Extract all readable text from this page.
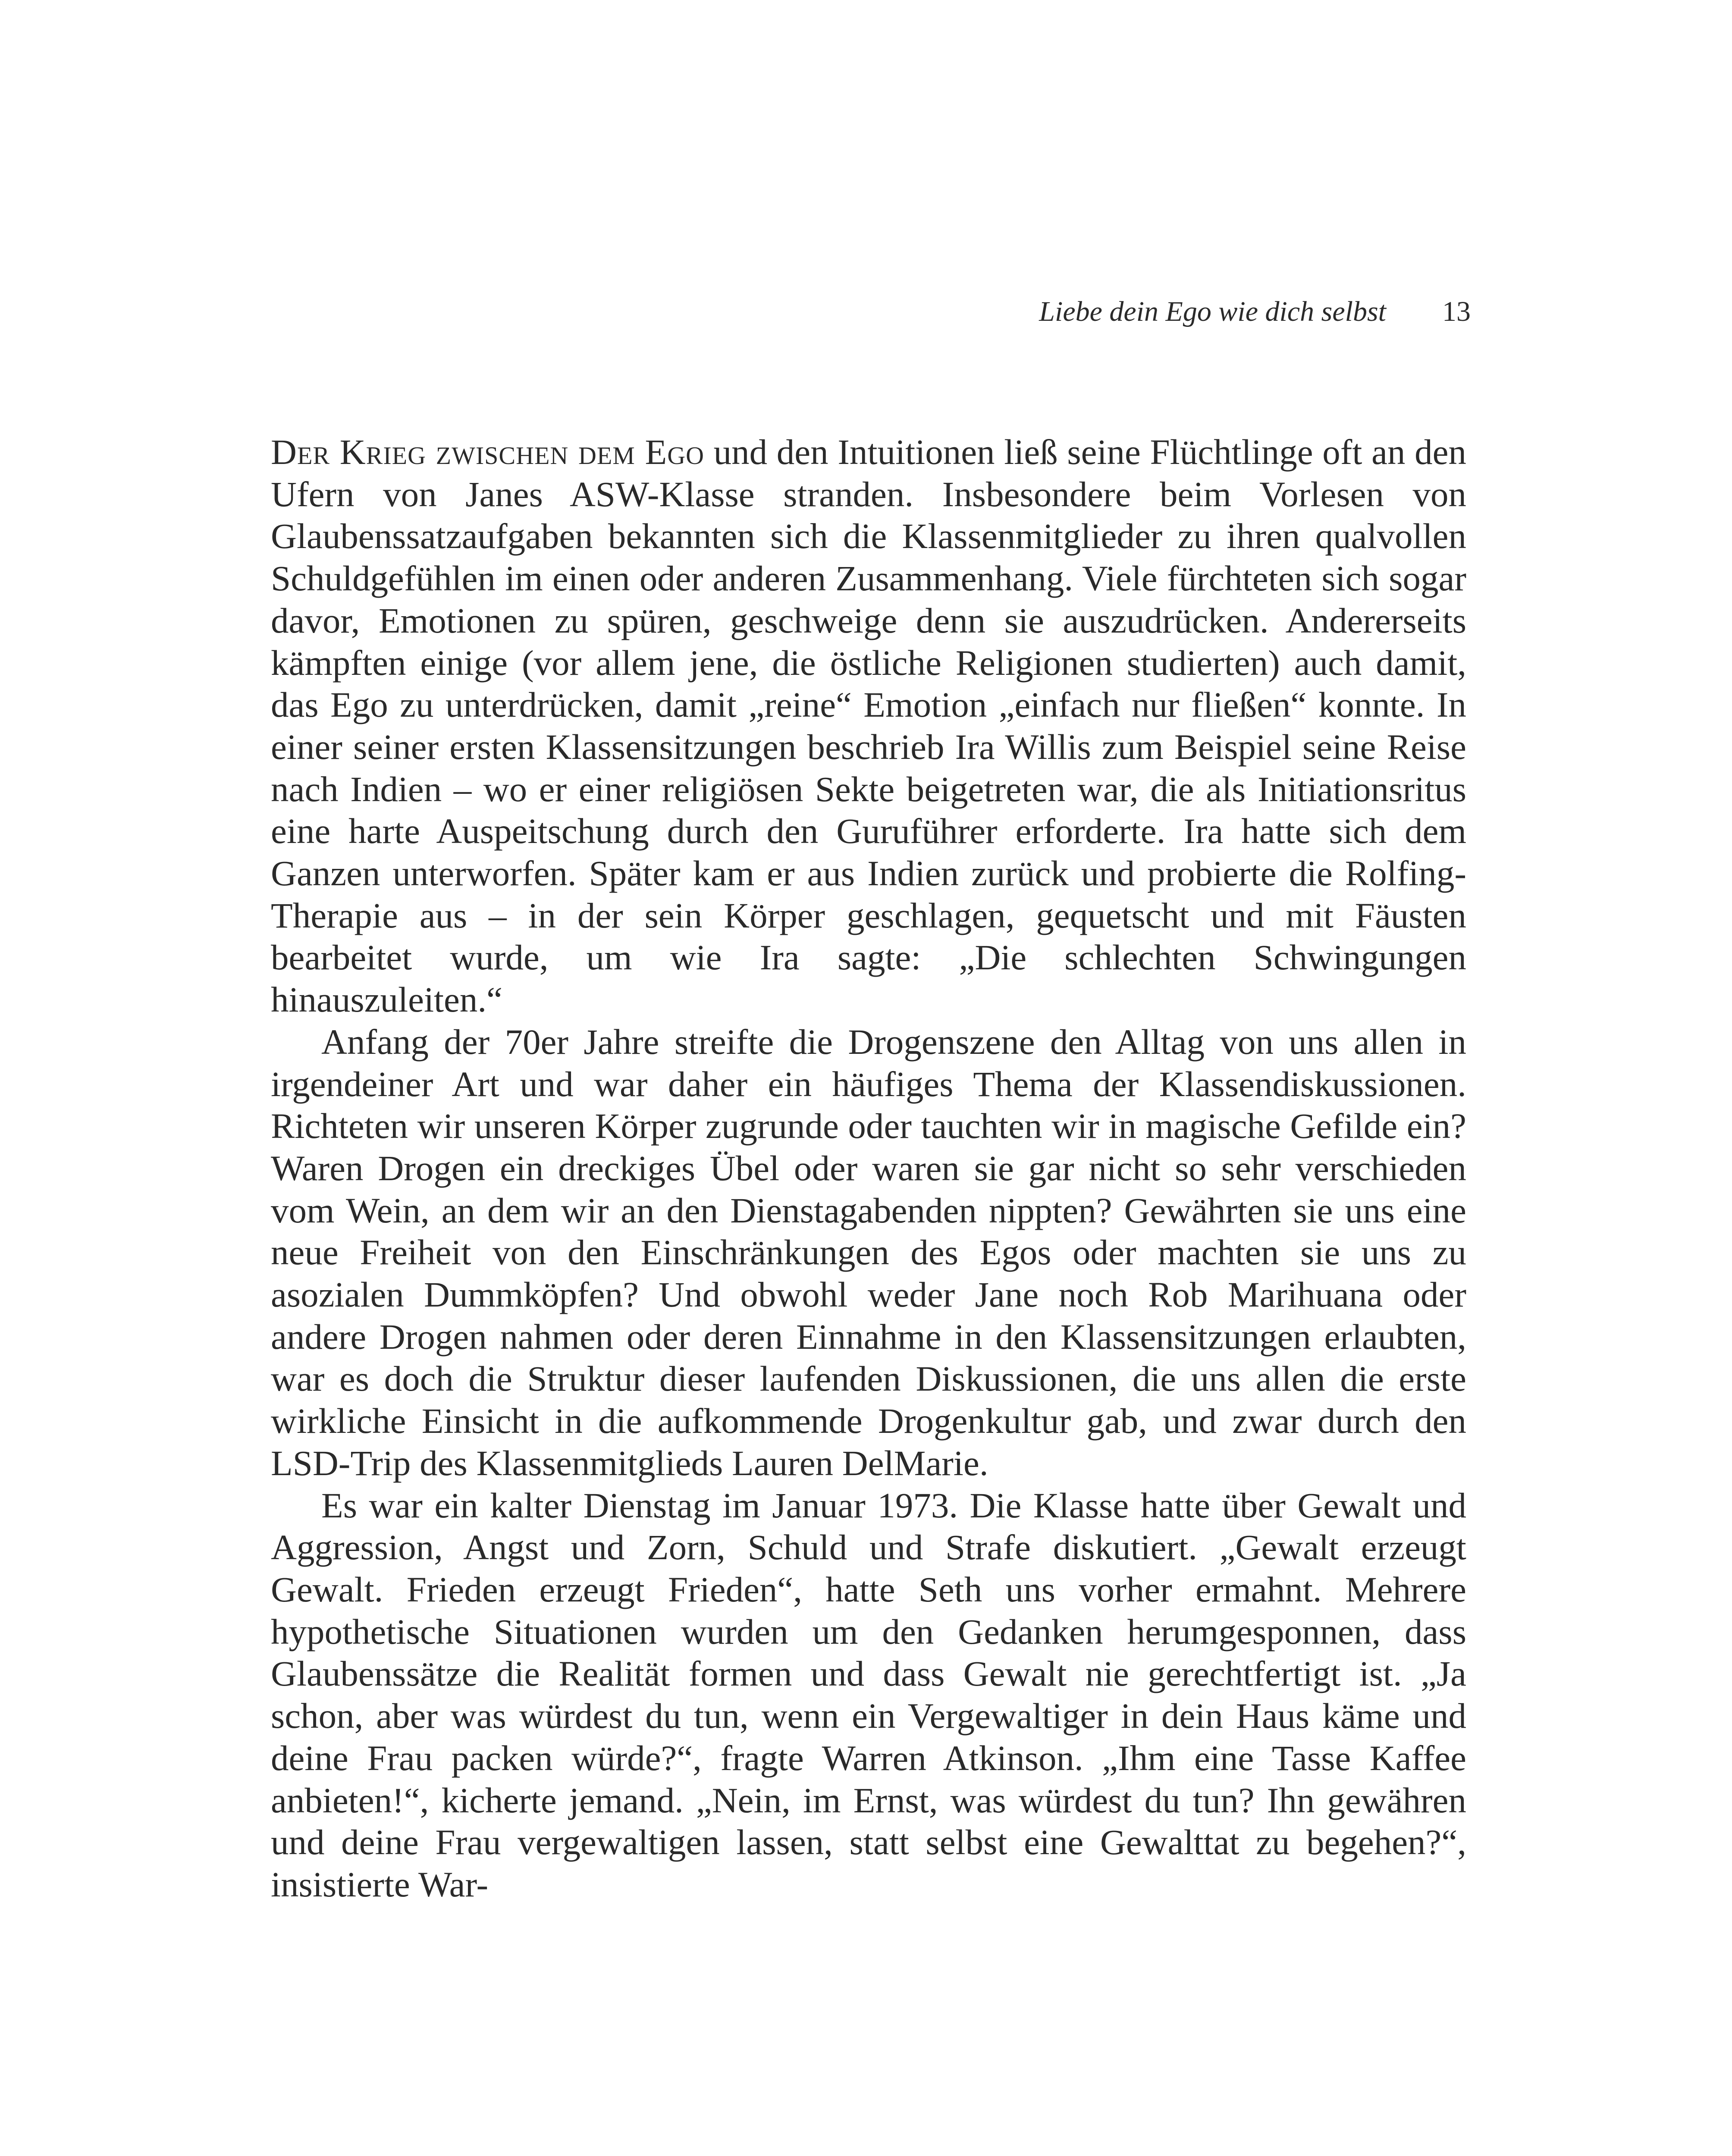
Liebe dein Ego wie dich selbst 13

Der Krieg zwischen dem Ego und den Intuitionen ließ seine Flüchtlinge oft an den Ufern von Janes ASW-Klasse stranden. Insbesondere beim Vorlesen von Glaubenssatzaufgaben bekannten sich die Klassenmitglieder zu ihren qualvollen Schuldgefühlen im einen oder anderen Zusammenhang. Viele fürchteten sich sogar davor, Emotionen zu spüren, geschweige denn sie auszudrücken. Andererseits kämpften einige (vor allem jene, die östliche Religionen studierten) auch damit, das Ego zu unterdrücken, damit „reine“ Emotion „einfach nur fließen“ konnte. In einer seiner ersten Klassensitzungen beschrieb Ira Willis zum Beispiel seine Reise nach Indien – wo er einer religiösen Sekte beigetreten war, die als Initiationsritus eine harte Auspeitschung durch den Guruführer erforderte. Ira hatte sich dem Ganzen unterworfen. Später kam er aus Indien zurück und probierte die Rolfing-Therapie aus – in der sein Körper geschlagen, gequetscht und mit Fäusten bearbeitet wurde, um wie Ira sagte: „Die schlechten Schwingungen hinauszuleiten.“

Anfang der 70er Jahre streifte die Drogenszene den Alltag von uns allen in irgendeiner Art und war daher ein häufiges Thema der Klassendiskussionen. Richteten wir unseren Körper zugrunde oder tauchten wir in magische Gefilde ein? Waren Drogen ein dreckiges Übel oder waren sie gar nicht so sehr verschieden vom Wein, an dem wir an den Dienstagabenden nippten? Gewährten sie uns eine neue Freiheit von den Einschränkungen des Egos oder machten sie uns zu asozialen Dummköpfen? Und obwohl weder Jane noch Rob Marihuana oder andere Drogen nahmen oder deren Einnahme in den Klassensitzungen erlaubten, war es doch die Struktur dieser laufenden Diskussionen, die uns allen die erste wirkliche Einsicht in die aufkommende Drogenkultur gab, und zwar durch den LSD-Trip des Klassenmitglieds Lauren DelMarie.

Es war ein kalter Dienstag im Januar 1973. Die Klasse hatte über Gewalt und Aggression, Angst und Zorn, Schuld und Strafe diskutiert. „Gewalt erzeugt Gewalt. Frieden erzeugt Frieden“, hatte Seth uns vorher ermahnt. Mehrere hypothetische Situationen wurden um den Gedanken herumgesponnen, dass Glaubenssätze die Realität formen und dass Gewalt nie gerechtfertigt ist. „Ja schon, aber was würdest du tun, wenn ein Vergewaltiger in dein Haus käme und deine Frau packen würde?“, fragte Warren Atkinson. „Ihm eine Tasse Kaffee anbieten!“, kicherte jemand. „Nein, im Ernst, was würdest du tun? Ihn gewähren und deine Frau vergewaltigen lassen, statt selbst eine Gewalttat zu begehen?“, insistierte War-
